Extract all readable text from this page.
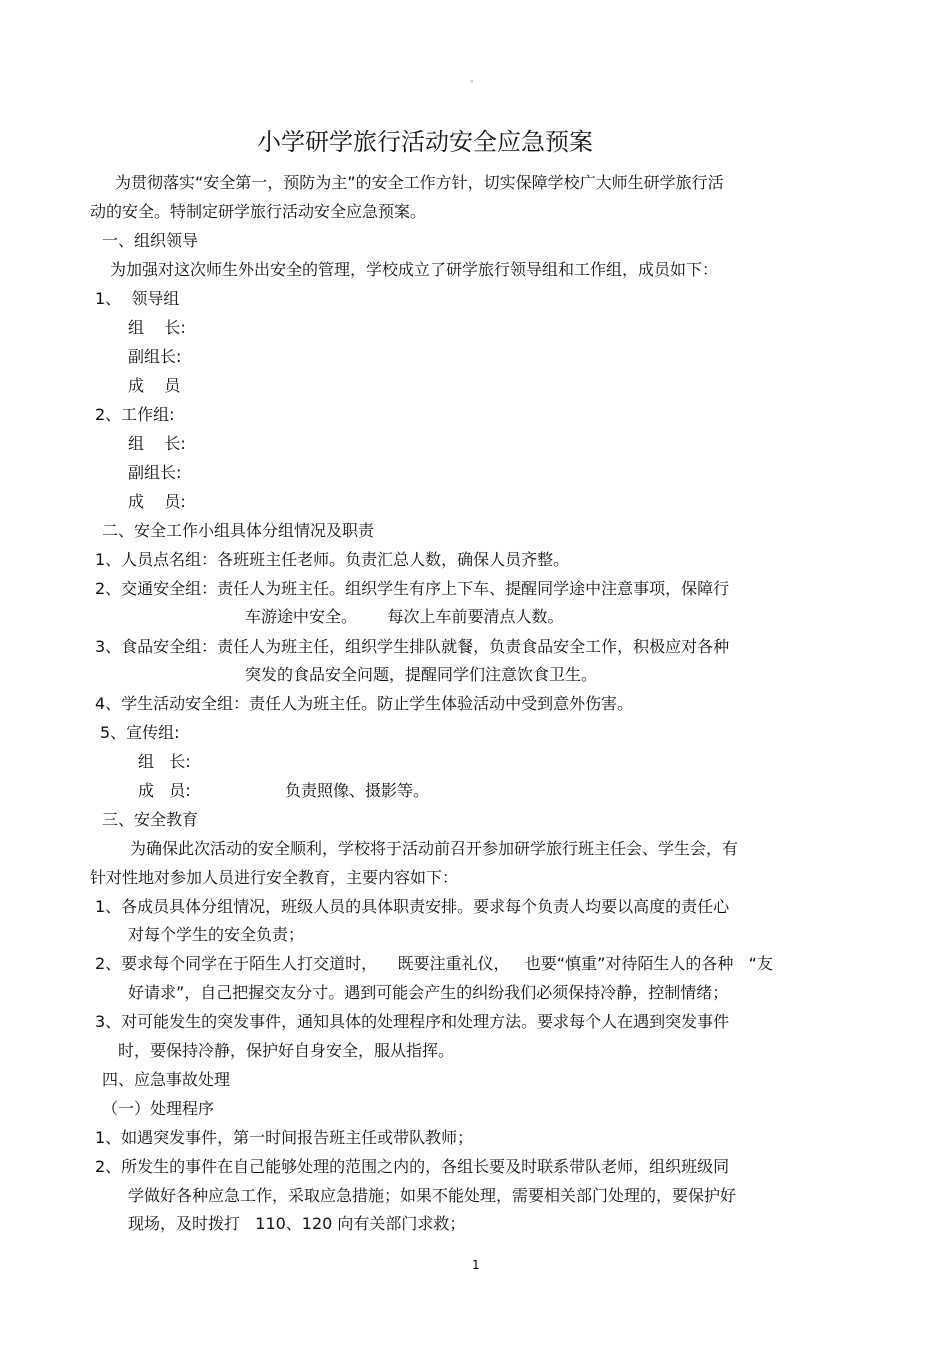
。
小学研学旅行活动安全应急预案
为贯彻落实“安全第一，预防为主”的安全工作方针，切实保障学校广大师生研学旅行活
动的安全。特制定研学旅行活动安全应急预案。
一、组织领导
为加强对这次师生外出安全的管理，学校成立了研学旅行领导组和工作组，成员如下：
1、  领导组
组    长:
副组长:
成    员
2、工作组:
组    长:
副组长:
成    员:
二、安全工作小组具体分组情况及职责
1、人员点名组：各班班主任老师。负责汇总人数，确保人员齐整。
2、交通安全组：责任人为班主任。组织学生有序上下车、提醒同学途中注意事项，保障行
车游途中安全。      每次上车前要清点人数。
3、食品安全组：责任人为班主任，组织学生排队就餐，负责食品安全工作，积极应对各种
突发的食品安全问题，提醒同学们注意饮食卫生。
4、学生活动安全组：责任人为班主任。防止学生体验活动中受到意外伤害。
5、宣传组:
组   长:
成   员:	负责照像、摄影等。
三、安全教育
为确保此次活动的安全顺利，学校将于活动前召开参加研学旅行班主任会、学生会，有
针对性地对参加人员进行安全教育，主要内容如下：
1、各成员具体分组情况，班级人员的具体职责安排。要求每个负责人均要以高度的责任心
对每个学生的安全负责；
2、要求每个同学在于陌生人打交道时，    既要注重礼仪，   也要“慎重”对待陌生人的各种   “友
好请求”，自己把握交友分寸。遇到可能会产生的纠纷我们必须保持冷静，控制情绪；
3、对可能发生的突发事件，通知具体的处理程序和处理方法。要求每个人在遇到突发事件
时，要保持冷静，保护好自身安全，服从指挥。
四、应急事故处理
（一）处理程序
1、如遇突发事件，第一时间报告班主任或带队教师；
2、所发生的事件在自己能够处理的范围之内的，各组长要及时联系带队老师，组织班级同
学做好各种应急工作，采取应急措施；如果不能处理，需要相关部门处理的，要保护好
现场，及时拨打   110、120 向有关部门求救；
1
